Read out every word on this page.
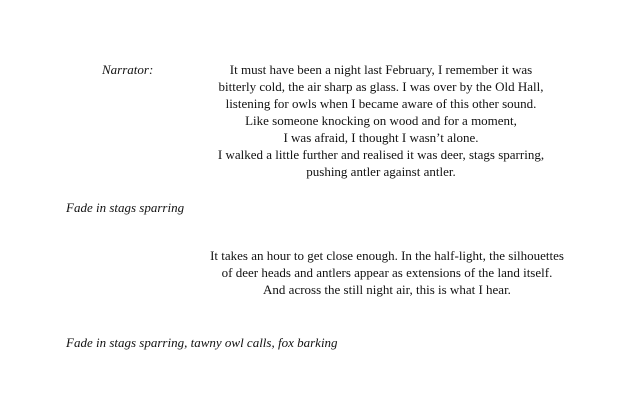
Narrator:	It must have been a night last February, I remember it was
bitterly cold, the air sharp as glass. I was over by the Old Hall,
listening for owls when I became aware of this other sound.
Like someone knocking on wood and for a moment,
I was afraid, I thought I wasn’t alone.
I walked a little further and realised it was deer, stags sparring,
pushing antler against antler.
Fade in stags sparring
It takes an hour to get close enough. In the half-light, the silhouettes
of deer heads and antlers appear as extensions of the land itself.
And across the still night air, this is what I hear.
Fade in stags sparring, tawny owl calls, fox barking
